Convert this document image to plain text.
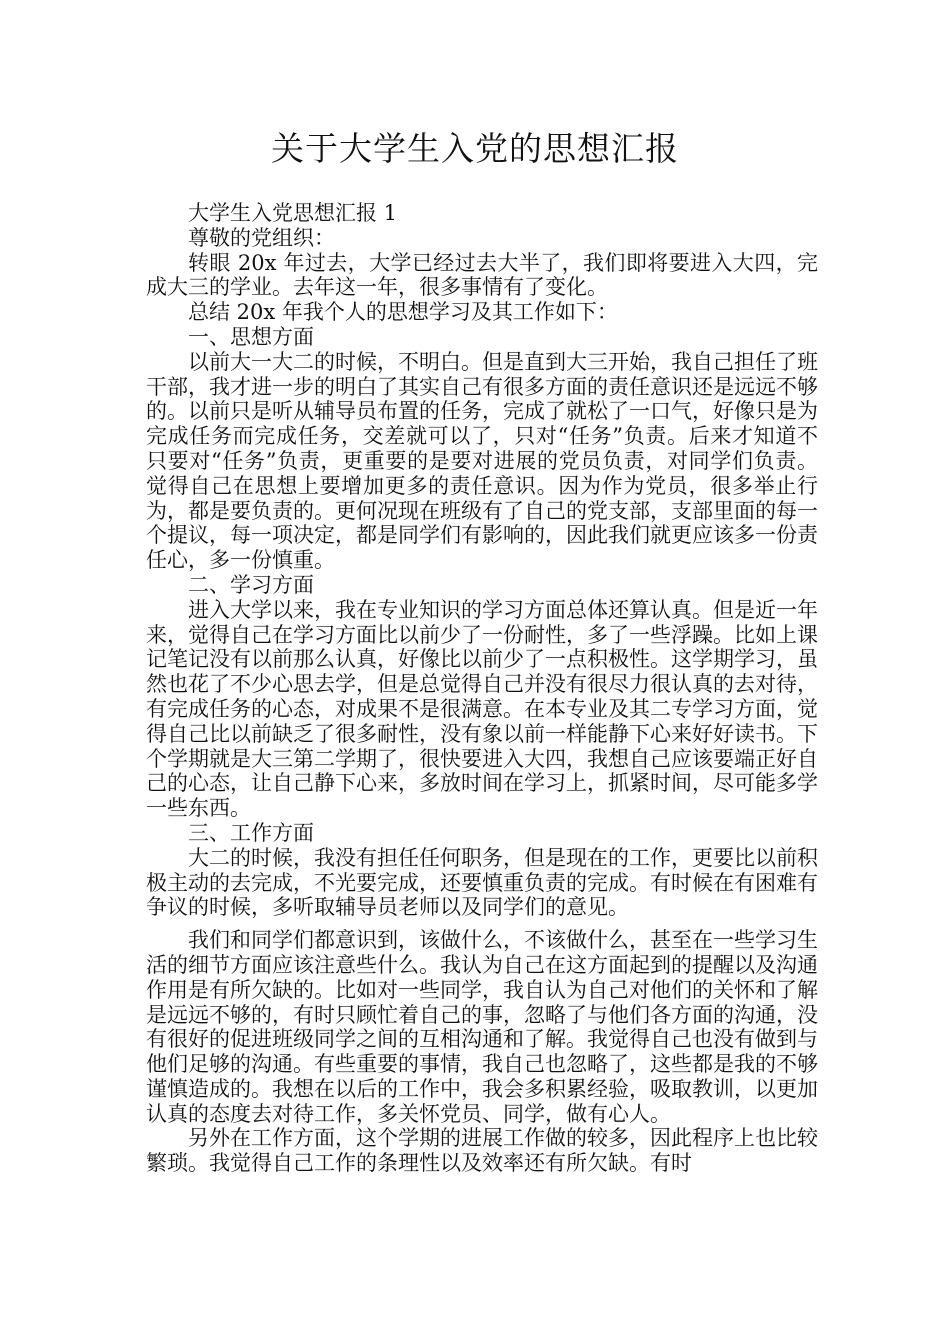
关于大学生入党的思想汇报

大学生入党思想汇报 1

尊敬的党组织：

转眼 20x 年过去，大学已经过去大半了，我们即将要进入大四，完成大三的学业。去年这一年，很多事情有了变化。

总结 20x 年我个人的思想学习及其工作如下：

一、思想方面

以前大一大二的时候，不明白。但是直到大三开始，我自己担任了班干部，我才进一步的明白了其实自己有很多方面的责任意识还是远远不够的。以前只是听从辅导员布置的任务，完成了就松了一口气，好像只是为完成任务而完成任务，交差就可以了，只对“任务”负责。后来才知道不只要对“任务”负责，更重要的是要对进展的党员负责，对同学们负责。觉得自己在思想上要增加更多的责任意识。因为作为党员，很多举止行为，都是要负责的。更何况现在班级有了自己的党支部，支部里面的每一个提议，每一项决定，都是同学们有影响的，因此我们就更应该多一份责任心，多一份慎重。

二、学习方面

进入大学以来，我在专业知识的学习方面总体还算认真。但是近一年来，觉得自己在学习方面比以前少了一份耐性，多了一些浮躁。比如上课记笔记没有以前那么认真，好像比以前少了一点积极性。这学期学习，虽然也花了不少心思去学，但是总觉得自己并没有很尽力很认真的去对待，有完成任务的心态，对成果不是很满意。在本专业及其二专学习方面，觉得自己比以前缺乏了很多耐性，没有象以前一样能静下心来好好读书。下个学期就是大三第二学期了，很快要进入大四，我想自己应该要端正好自己的心态，让自己静下心来，多放时间在学习上，抓紧时间，尽可能多学一些东西。

三、工作方面

大二的时候，我没有担任任何职务，但是现在的工作，更要比以前积极主动的去完成，不光要完成，还要慎重负责的完成。有时候在有困难有争议的时候，多听取辅导员老师以及同学们的意见。

我们和同学们都意识到，该做什么，不该做什么，甚至在一些学习生活的细节方面应该注意些什么。我认为自己在这方面起到的提醒以及沟通作用是有所欠缺的。比如对一些同学，我自认为自己对他们的关怀和了解是远远不够的，有时只顾忙着自己的事，忽略了与他们各方面的沟通，没有很好的促进班级同学之间的互相沟通和了解。我觉得自己也没有做到与他们足够的沟通。有些重要的事情，我自己也忽略了，这些都是我的不够谨慎造成的。我想在以后的工作中，我会多积累经验，吸取教训，以更加认真的态度去对待工作，多关怀党员、同学，做有心人。

另外在工作方面，这个学期的进展工作做的较多，因此程序上也比较繁琐。我觉得自己工作的条理性以及效率还有所欠缺。有时
